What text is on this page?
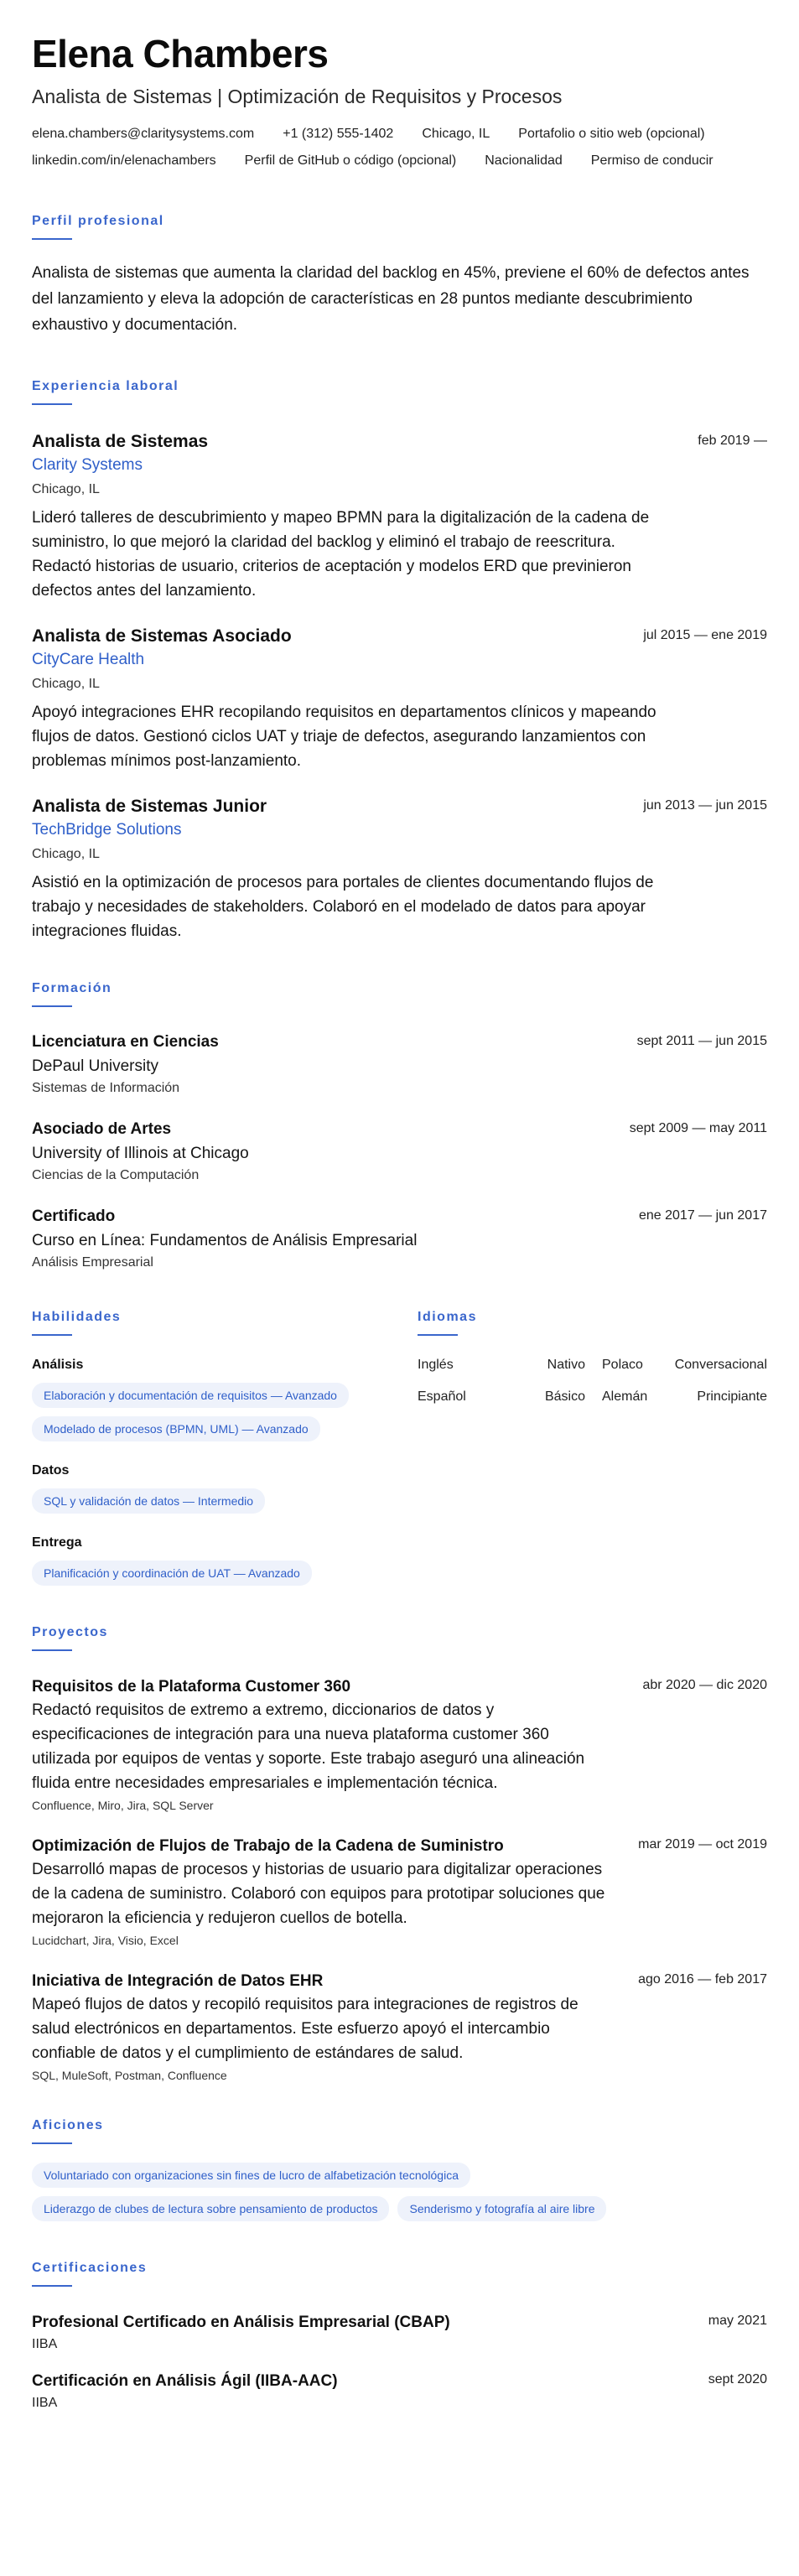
Elena Chambers
Analista de Sistemas | Optimización de Requisitos y Procesos
elena.chambers@claritysystems.com +1 (312) 555-1402 Chicago, IL Portafolio o sitio web (opcional)
linkedin.com/in/elenachambers Perfil de GitHub o código (opcional) Nacionalidad Permiso de conducir
Perfil profesional

Analista de sistemas que aumenta la claridad del backlog en 45%, previene el 60% de defectos antes del lanzamiento y eleva la adopción de características en 28 puntos mediante descubrimiento exhaustivo y documentación.

Experiencia laboral
Analista de Sistemas	feb 2019 —
Clarity Systems
Chicago, IL

Lideró talleres de descubrimiento y mapeo BPMN para la digitalización de la cadena de suministro, lo que mejoró la claridad del backlog y eliminó el trabajo de reescritura. Redactó historias de usuario, criterios de aceptación y modelos ERD que previnieron defectos antes del lanzamiento.

Analista de Sistemas Asociado	jul 2015 — ene 2019
CityCare Health
Chicago, IL

Apoyó integraciones EHR recopilando requisitos en departamentos clínicos y mapeando flujos de datos. Gestionó ciclos UAT y triaje de defectos, asegurando lanzamientos con problemas mínimos post-lanzamiento.

Analista de Sistemas Junior	jun 2013 — jun 2015
TechBridge Solutions
Chicago, IL

Asistió en la optimización de procesos para portales de clientes documentando flujos de trabajo y necesidades de stakeholders. Colaboró en el modelado de datos para apoyar integraciones fluidas.

Formación
Licenciatura en Ciencias	sept 2011 — jun 2015
DePaul University
Sistemas de Información
Asociado de Artes	sept 2009 — may 2011
University of Illinois at Chicago
Ciencias de la Computación
Certificado	ene 2017 — jun 2017
Curso en Línea: Fundamentos de Análisis Empresarial
Análisis Empresarial
Habilidades
Análisis
Elaboración y documentación de requisitos — Avanzado
Modelado de procesos (BPMN, UML) — Avanzado
Datos
SQL y validación de datos — Intermedio
Entrega
Planificación y coordinación de UAT — Avanzado
Idiomas
Inglés	Nativo	Polaco	Conversacional
Español	Básico	Alemán	Principiante
Proyectos
Requisitos de la Plataforma Customer 360	abr 2020 — dic 2020

Redactó requisitos de extremo a extremo, diccionarios de datos y especificaciones de integración para una nueva plataforma customer 360 utilizada por equipos de ventas y soporte. Este trabajo aseguró una alineación fluida entre necesidades empresariales e implementación técnica.

Confluence, Miro, Jira, SQL Server
Optimización de Flujos de Trabajo de la Cadena de Suministro	mar 2019 — oct 2019

Desarrolló mapas de procesos y historias de usuario para digitalizar operaciones de la cadena de suministro. Colaboró con equipos para prototipar soluciones que mejoraron la eficiencia y redujeron cuellos de botella.

Lucidchart, Jira, Visio, Excel
Iniciativa de Integración de Datos EHR	ago 2016 — feb 2017

Mapeó flujos de datos y recopiló requisitos para integraciones de registros de salud electrónicos en departamentos. Este esfuerzo apoyó el intercambio confiable de datos y el cumplimiento de estándares de salud.

SQL, MuleSoft, Postman, Confluence
Aficiones
Voluntariado con organizaciones sin fines de lucro de alfabetización tecnológica
Liderazgo de clubes de lectura sobre pensamiento de productos	Senderismo y fotografía al aire libre
Certificaciones
Profesional Certificado en Análisis Empresarial (CBAP)	may 2021
IIBA
Certificación en Análisis Ágil (IIBA-AAC)	sept 2020
IIBA
